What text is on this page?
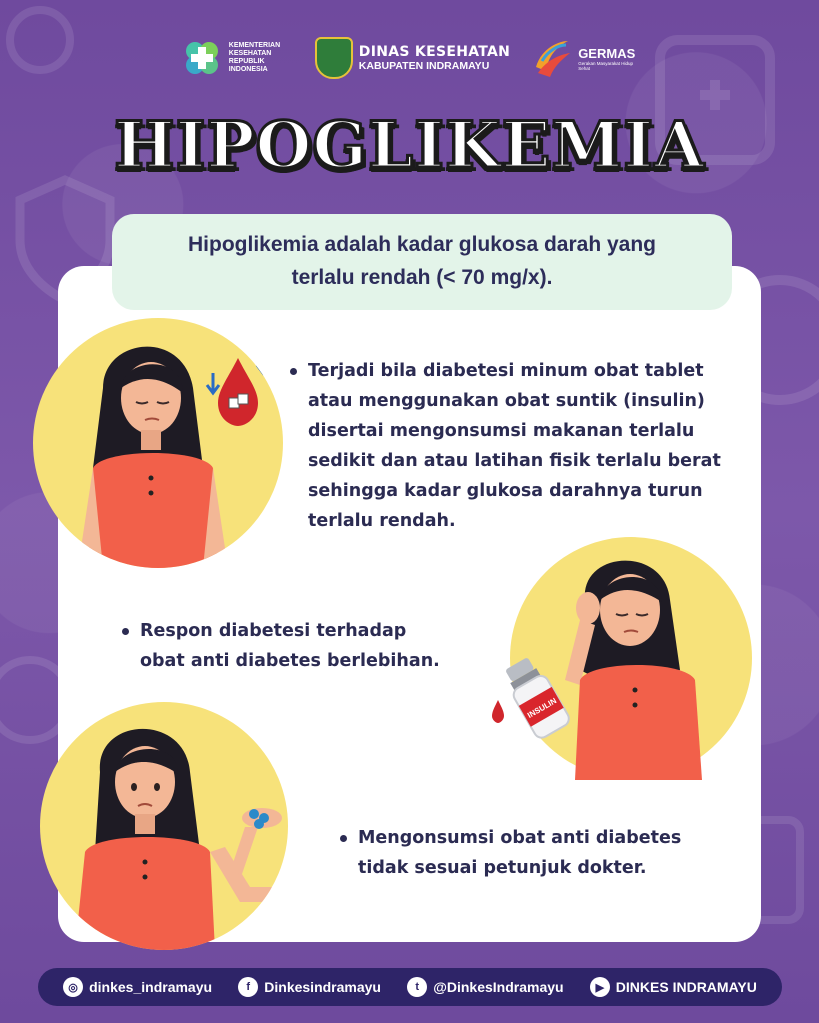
KEMENTERIAN
KESEHATAN
REPUBLIK
INDONESIA
DINAS KESEHATAN
KABUPATEN INDRAMAYU
GERMAS
Gerakan Masyarakat Hidup Sehat
HIPOGLIKEMIA
Hipoglikemia adalah kadar glukosa darah yang
terlalu rendah (< 70 mg/x).
Terjadi bila diabetesi minum obat tablet
atau menggunakan obat suntik (insulin)
disertai mengonsumsi makanan terlalu
sedikit dan atau latihan fisik terlalu berat
sehingga kadar glukosa darahnya turun
terlalu rendah.
INSULIN
Respon diabetesi terhadap
obat anti diabetes berlebihan.
Mengonsumsi obat anti diabetes
tidak sesuai petunjuk dokter.
◎ dinkes_indramayu	f	Dinkesindramayu	t	@DinkesIndramayu	▶ DINKES INDRAMAYU
